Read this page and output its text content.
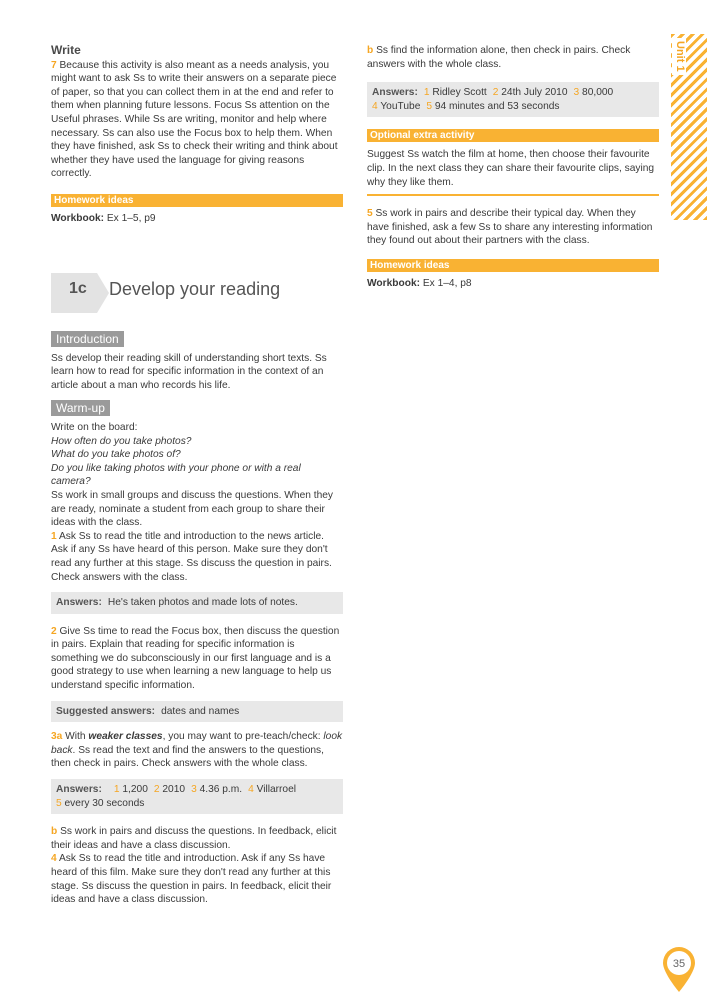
Unit 1

Write

7 Because this activity is also meant as a needs analysis, you might want to ask Ss to write their answers on a separate piece of paper, so that you can collect them in at the end and refer to them when planning future lessons. Focus Ss attention on the Useful phrases. While Ss are writing, monitor and help where necessary. Ss can also use the Focus box to help them. When they have finished, ask Ss to check their writing and think about whether they have used the language for giving reasons correctly.

Homework ideas

Workbook: Ex 1–5, p9

1c Develop your reading
Introduction

Ss develop their reading skill of understanding short texts. Ss learn how to read for specific information in the context of an article about a man who records his life.

Warm-up

Write on the board:

How often do you take photos?

What do you take photos of?

Do you like taking photos with your phone or with a real camera?

Ss work in small groups and discuss the questions. When they are ready, nominate a student from each group to share their ideas with the class.

1 Ask Ss to read the title and introduction to the news article. Ask if any Ss have heard of this person. Make sure they don't read any further at this stage. Ss discuss the question in pairs. Check answers with the class.

Answers: He's taken photos and made lots of notes.

2 Give Ss time to read the Focus box, then discuss the question in pairs. Explain that reading for specific information is something we do subconsciously in our first language and is a good strategy to use when learning a new language to help us understand specific information.

Suggested answers: dates and names

3a With weaker classes, you may want to pre-teach/check: look back. Ss read the text and find the answers to the questions, then check in pairs. Check answers with the whole class.

Answers: 1 1,200 2 2010 3 4.36 p.m. 4 Villarroel
5 every 30 seconds

b Ss work in pairs and discuss the questions. In feedback, elicit their ideas and have a class discussion.

4 Ask Ss to read the title and introduction. Ask if any Ss have heard of this film. Make sure they don't read any further at this stage. Ss discuss the question in pairs. In feedback, elicit their ideas and have a class discussion.

b Ss find the information alone, then check in pairs. Check answers with the whole class.

Answers: 1 Ridley Scott 2 24th July 2010 3 80,000
4 YouTube 5 94 minutes and 53 seconds
Optional extra activity

Suggest Ss watch the film at home, then choose their favourite clip. In the next class they can share their favourite clips, saying why they like them.

5 Ss work in pairs and describe their typical day. When they have finished, ask a few Ss to share any interesting information they found out about their partners with the class.

Homework ideas

Workbook: Ex 1–4, p8

35
